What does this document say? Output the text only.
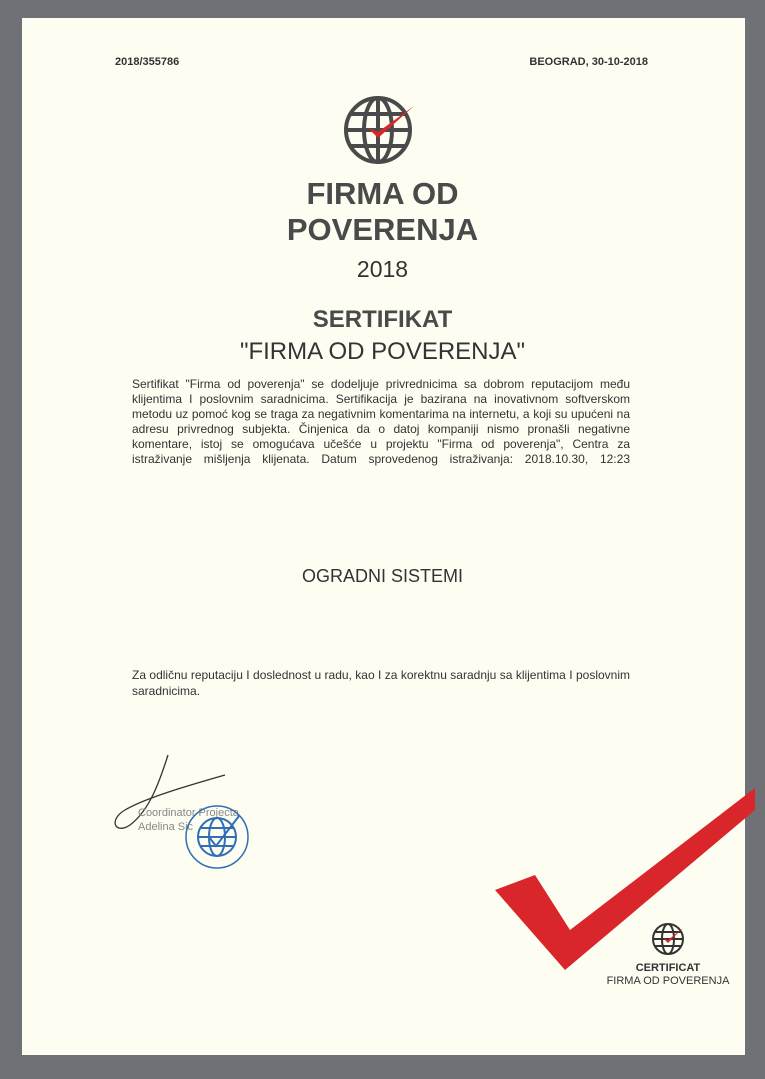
2018/355786	BEOGRAD, 30-10-2018
FIRMA OD
POVERENJA
2018
SERTIFIKAT
"FIRMA OD POVERENJA"
Sertifikat "Firma od poverenja" se dodeljuje privrednicima sa dobrom reputacijom među klijentima I poslovnim saradnicima. Sertifikacija je bazirana na inovativnom softverskom metodu uz pomoć kog se traga za negativnim komentarima na internetu, a koji su upućeni na adresu privrednog subjekta. Činjenica da o datoj kompaniji nismo pronašli negativne komentare, istoj se omogućava učešće u projektu "Firma od poverenja", Centra za istraživanje mišljenja klijenata. Datum sprovedenog istraživanja: 2018.10.30, 12:23
OGRADNI SISTEMI
Za odličnu reputaciju I doslednost u radu, kao I za korektnu saradnju sa klijentima I poslovnim saradnicima.
Coordinator Projecta
Adelina Sic
CERTIFICAT
FIRMA OD POVERENJA
